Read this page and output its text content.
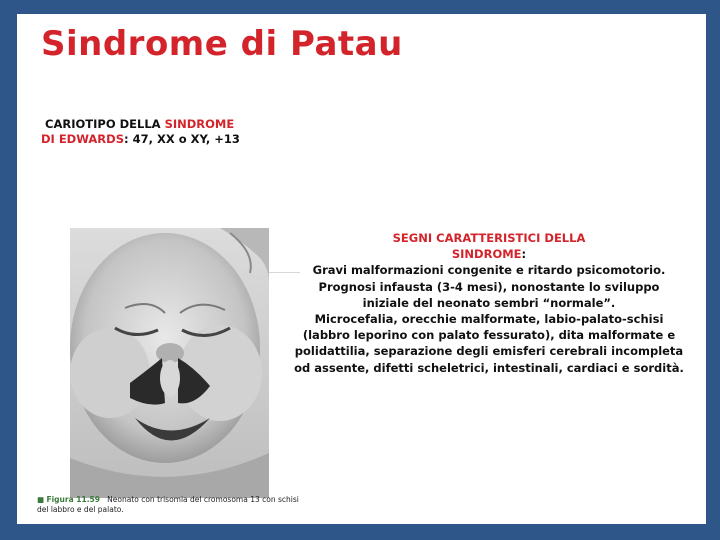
Sindrome di Patau
CARIOTIPO DELLA SINDROME
DI EDWARDS: 47, XX o XY, +13
SEGNI CARATTERISTICI DELLA
SINDROME:
Gravi malformazioni congenite e ritardo psicomotorio.
Prognosi infausta (3-4 mesi), nonostante lo sviluppo
iniziale del neonato sembri “normale”.
Microcefalia, orecchie malformate, labio-palato-schisi
(labbro leporino con palato fessurato), dita malformate e
polidattilia, separazione degli emisferi cerebrali incompleta
od assente, difetti scheletrici, intestinali, cardiaci e sordità.
■ Figura 11.59 Neonato con trisomia del cromosoma 13 con schisi
del labbro e del palato.
